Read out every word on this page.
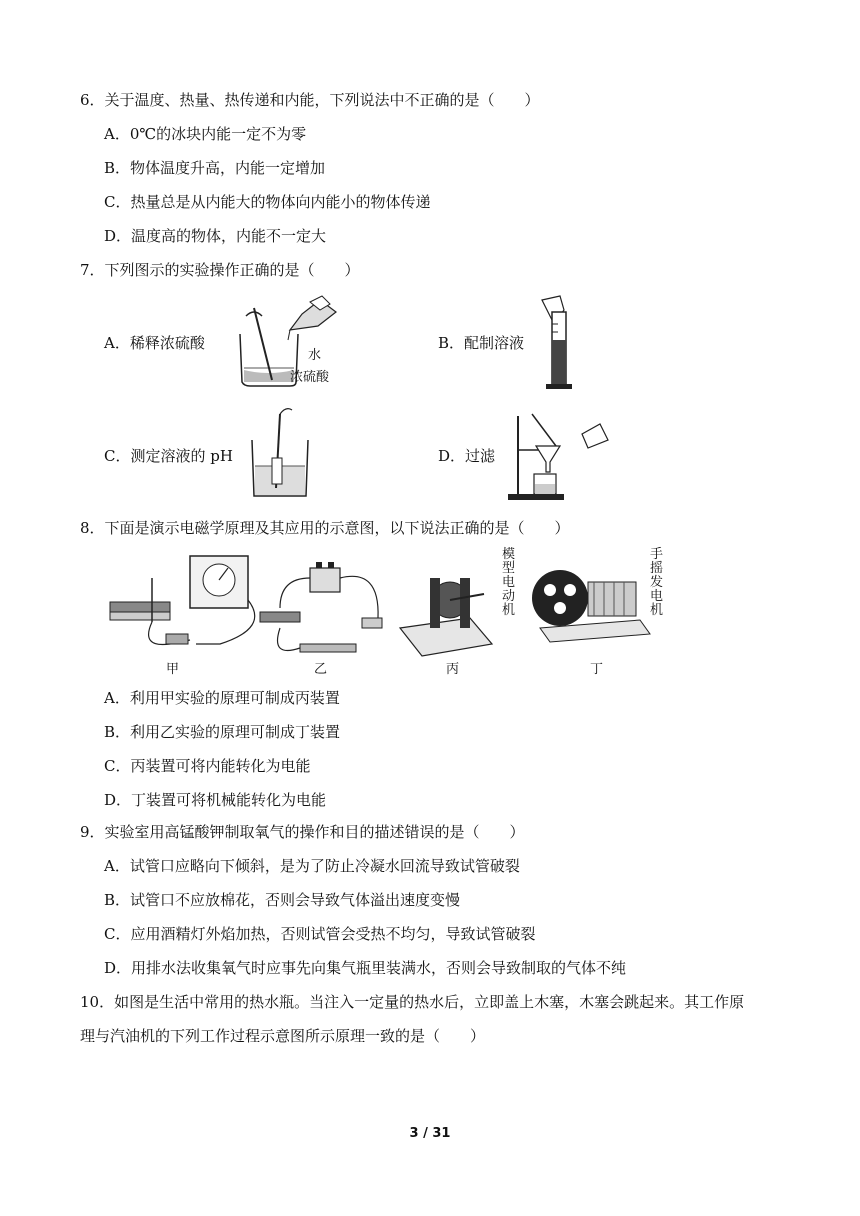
6．关于温度、热量、热传递和内能，下列说法中不正确的是（　　）
A．0℃的冰块内能一定不为零
B．物体温度升高，内能一定增加
C．热量总是从内能大的物体向内能小的物体传递
D．温度高的物体，内能不一定大
7．下列图示的实验操作正确的是（　　）
A．稀释浓硫酸	B．配制溶液
C．测定溶液的 pH	D．过滤
水
浓硫酸
8．下面是演示电磁学原理及其应用的示意图，以下说法正确的是（　　）
甲	乙	丙	丁
模型电动机
手摇发电机
A．利用甲实验的原理可制成丙装置
B．利用乙实验的原理可制成丁装置
C．丙装置可将内能转化为电能
D．丁装置可将机械能转化为电能
9．实验室用高锰酸钾制取氧气的操作和目的描述错误的是（　　）
A．试管口应略向下倾斜，是为了防止冷凝水回流导致试管破裂
B．试管口不应放棉花，否则会导致气体溢出速度变慢
C．应用酒精灯外焰加热，否则试管会受热不均匀，导致试管破裂
D．用排水法收集氧气时应事先向集气瓶里装满水，否则会导致制取的气体不纯
10．如图是生活中常用的热水瓶。当注入一定量的热水后，立即盖上木塞，木塞会跳起来。其工作原
理与汽油机的下列工作过程示意图所示原理一致的是（　　）
3 / 31
